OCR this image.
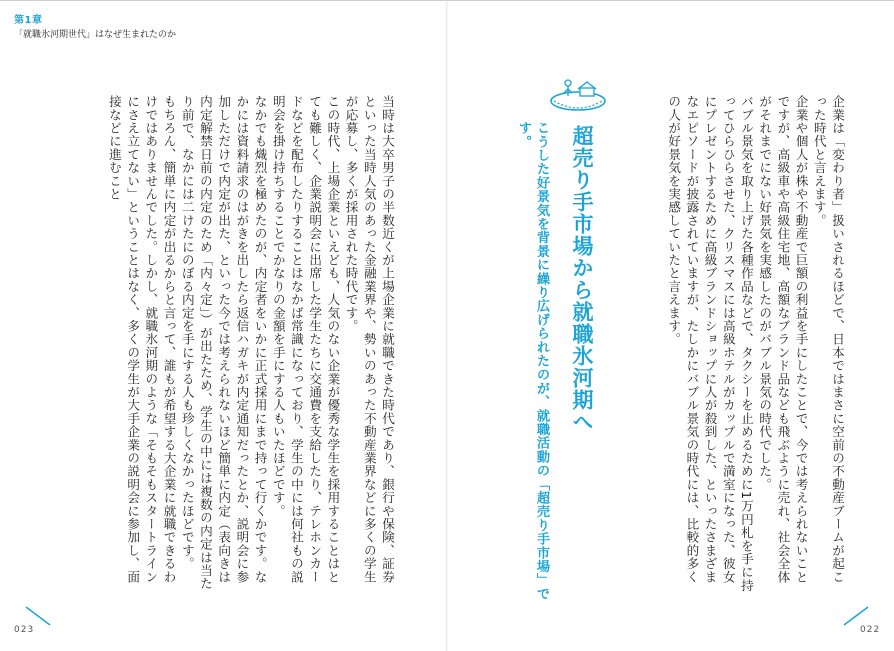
第1章
「就職氷河期世代」はなぜ生まれたのか

当時は大卒男子の半数近くが上場企業に就職できた時代であり、銀行や保険、証券といった当時人気のあった金融業界や、勢いのあった不動産業界などに多くの学生が応募し、多くが採用された時代です。

この時代、上場企業といえども、人気のない企業が優秀な学生を採用することはとても難しく、企業説明会に出席した学生たちに交通費を支給したり、テレホンカードなどを配布したりすることはなかば常識になっており、学生の中には何社もの説明会を掛け持ちすることでかなりの金額を手にする人もいたほどです。

なかでも熾烈を極めたのが、内定者をいかに正式採用にまで持って行くかです。なかには資料請求のはがきを出したら返信ハガキが内定通知だったとか、説明会に参加しただけで内定が出た、といった今では考えられないほど簡単に内定（表向きは内定解禁日前の内定のため「内々定」）が出たため、学生の中には複数の内定は当たり前で、なかには二けたにのぼる内定を手にする人も珍しくなかったほどです。

もちろん、簡単に内定が出るからと言って、誰もが希望する大企業に就職できるわけではありませんでした。しかし、就職氷河期のような「そもそもスタートラインにさえ立てない」ということはなく、多くの学生が大手企業の説明会に参加し、面接などに進むこと	超売り手市場から就職氷河期へ
こうした好景気を背景に繰り広げられたのが、就職活動の「超売り手市場」です。	企業は「変わり者」扱いされるほどで、日本ではまさに空前の不動産ブームが起こった時代と言えます。

企業や個人が株や不動産で巨額の利益を手にしたことで、今では考えられないことですが、高級車や高級住宅地、高額なブランド品なども飛ぶように売れ、社会全体がそれまでにない好景気を実感したのがバブル景気の時代でした。

バブル景気を取り上げた各種作品などで、タクシーを止めるために1万円札を手に持ってひらひらさせた、クリスマスには高級ホテルがカップルで満室になった、彼女にプレゼントするために高級ブランドショップに人が殺到した、といったさまざまなエピソードが披露されていますが、たしかにバブル景気の時代には、比較的多くの人が好景気を実感していたと言えます。

023	022
